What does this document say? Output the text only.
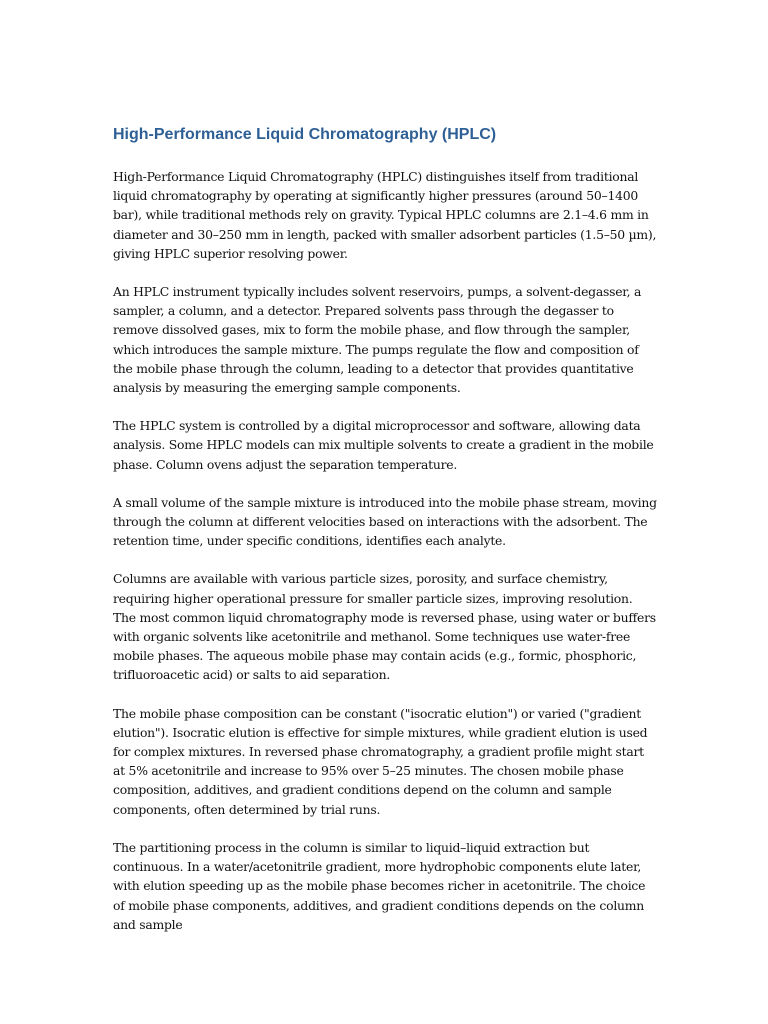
High-Performance Liquid Chromatography (HPLC)

High-Performance Liquid Chromatography (HPLC) distinguishes itself from traditional liquid chromatography by operating at significantly higher pressures (around 50–1400 bar), while traditional methods rely on gravity. Typical HPLC columns are 2.1–4.6 mm in diameter and 30–250 mm in length, packed with smaller adsorbent particles (1.5–50 µm), giving HPLC superior resolving power.

An HPLC instrument typically includes solvent reservoirs, pumps, a solvent-degasser, a sampler, a column, and a detector. Prepared solvents pass through the degasser to remove dissolved gases, mix to form the mobile phase, and flow through the sampler, which introduces the sample mixture. The pumps regulate the flow and composition of the mobile phase through the column, leading to a detector that provides quantitative analysis by measuring the emerging sample components.

The HPLC system is controlled by a digital microprocessor and software, allowing data analysis. Some HPLC models can mix multiple solvents to create a gradient in the mobile phase. Column ovens adjust the separation temperature.

A small volume of the sample mixture is introduced into the mobile phase stream, moving through the column at different velocities based on interactions with the adsorbent. The retention time, under specific conditions, identifies each analyte.

Columns are available with various particle sizes, porosity, and surface chemistry, requiring higher operational pressure for smaller particle sizes, improving resolution. The most common liquid chromatography mode is reversed phase, using water or buffers with organic solvents like acetonitrile and methanol. Some techniques use water-free mobile phases. The aqueous mobile phase may contain acids (e.g., formic, phosphoric, trifluoroacetic acid) or salts to aid separation.

The mobile phase composition can be constant ("isocratic elution") or varied ("gradient elution"). Isocratic elution is effective for simple mixtures, while gradient elution is used for complex mixtures. In reversed phase chromatography, a gradient profile might start at 5% acetonitrile and increase to 95% over 5–25 minutes. The chosen mobile phase composition, additives, and gradient conditions depend on the column and sample components, often determined by trial runs.

The partitioning process in the column is similar to liquid–liquid extraction but continuous. In a water/acetonitrile gradient, more hydrophobic components elute later, with elution speeding up as the mobile phase becomes richer in acetonitrile. The choice of mobile phase components, additives, and gradient conditions depends on the column and sample
